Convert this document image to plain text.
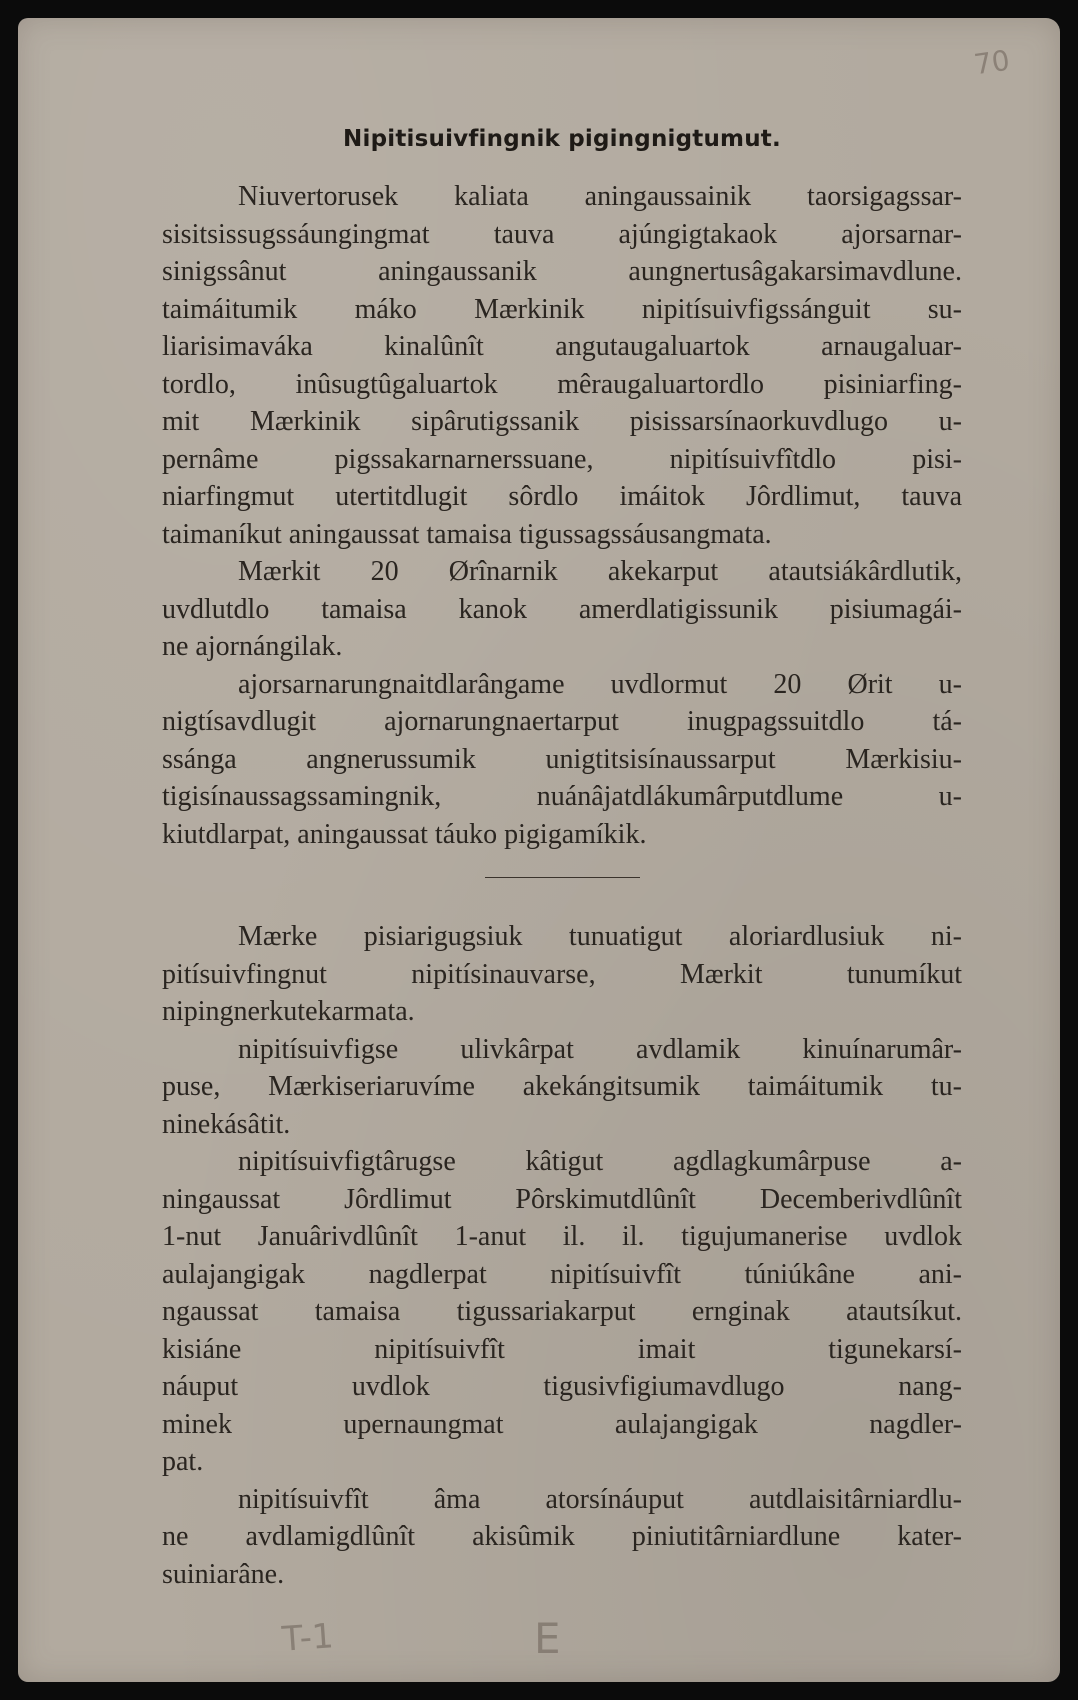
70
Nipitisuivfingnik pigingnigtumut.
Niuvertorusek kaliata aningaussainik taorsigagssar-
sisitsissugssáungingmat tauva ajúngigtakaok ajorsarnar-
sinigssânut aningaussanik aungnertusâgakarsimavdlune.
taimáitumik máko Mærkinik nipitísuivfigssánguit su-
liarisimaváka kinalûnît angutaugaluartok arnaugaluar-
tordlo, inûsugtûgaluartok mêraugaluartordlo pisiniarfing-
mit Mærkinik sipârutigssanik pisissarsínaorkuvdlugo u-
pernâme pigssakarnarnerssuane, nipitísuivfîtdlo pisi-
niarfingmut utertitdlugit sôrdlo imáitok Jôrdlimut, tauva
taimaníkut aningaussat tamaisa tigussagssáusangmata.
Mærkit 20 Ørînarnik akekarput atautsiákârdlutik,
uvdlutdlo tamaisa kanok amerdlatigissunik pisiumagái-
ne ajornángilak.
ajorsarnarungnaitdlarângame uvdlormut 20 Ørit u-
nigtísavdlugit ajornarungnaertarput inugpagssuitdlo tá-
ssánga angnerussumik unigtitsisínaussarput Mærkisiu-
tigisínaussagssamingnik, nuánâjatdlákumârputdlume u-
kiutdlarpat, aningaussat táuko pigigamíkik.
Mærke pisiarigugsiuk tunuatigut aloriardlusiuk ni-
pitísuivfingnut nipitísinauvarse, Mærkit tunumíkut
nipingnerkutekarmata.
nipitísuivfigse ulivkârpat avdlamik kinuínarumâr-
puse, Mærkiseriaruvíme akekángitsumik taimáitumik tu-
ninekásâtit.
nipitísuivfigtârugse kâtigut agdlagkumârpuse a-
ningaussat Jôrdlimut Pôrskimutdlûnît Decemberivdlûnît
1-nut Januârivdlûnît 1-anut il. il. tigujumanerise uvdlok
aulajangigak nagdlerpat nipitísuivfît túniúkâne ani-
ngaussat tamaisa tigussariakarput ernginak atautsíkut.
kisiáne nipitísuivfît imait tigunekarsí-
náuput uvdlok tigusivfigiumavdlugo nang-
minek upernaungmat aulajangigak nagdler-
pat.
nipitísuivfît âma atorsínáuput autdlaisitârniardlu-
ne avdlamigdlûnît akisûmik piniutitârniardlune kater-
suiniarâne.
T-1	E
